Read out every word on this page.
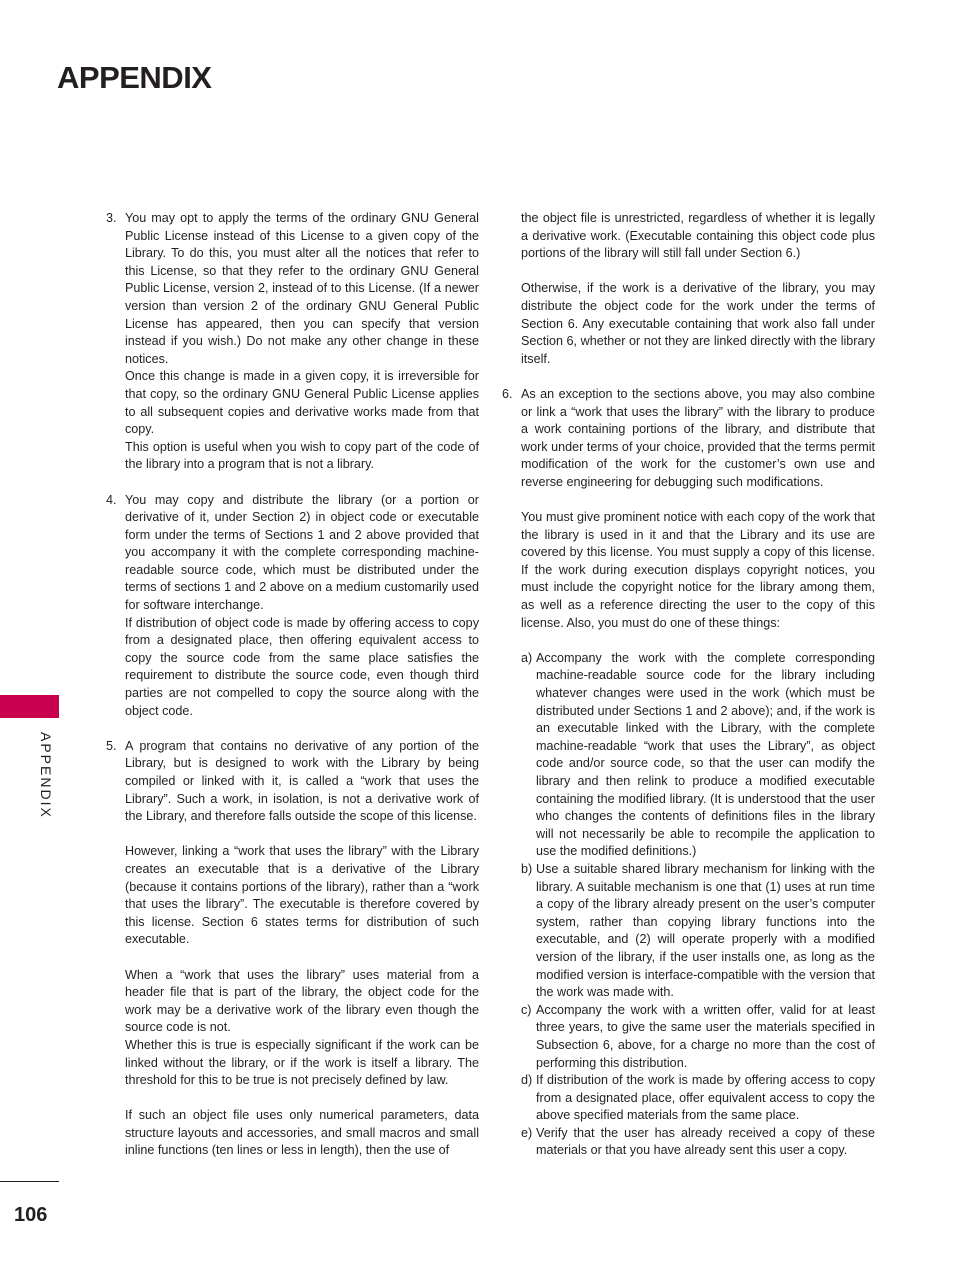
APPENDIX
APPENDIX
106
3. You may opt to apply the terms of the ordinary GNU General Public License instead of this License to a given copy of the Library. To do this, you must alter all the notices that refer to this License, so that they refer to the ordinary GNU General Public License, version 2, instead of to this License. (If a newer version than version 2 of the ordinary GNU General Public License has appeared, then you can specify that version instead if you wish.) Do not make any other change in these notices.

Once this change is made in a given copy, it is irreversible for that copy, so the ordinary GNU General Public License applies to all subsequent copies and derivative works made from that copy.

This option is useful when you wish to copy part of the code of the library into a program that is not a library.

4. You may copy and distribute the library (or a portion or derivative of it, under Section 2) in object code or executable form under the terms of Sections 1 and 2 above provided that you accompany it with the complete corresponding machine-readable source code, which must be distributed under the terms of sections 1 and 2 above on a medium customarily used for software interchange.

If distribution of object code is made by offering access to copy from a designated place, then offering equivalent access to copy the source code from the same place satisfies the requirement to distribute the source code, even though third parties are not compelled to copy the source along with the object code.

5. A program that contains no derivative of any portion of the Library, but is designed to work with the Library by being compiled or linked with it, is called a “work that uses the Library”. Such a work, in isolation, is not a derivative work of the Library, and therefore falls outside the scope of this license.

However, linking a “work that uses the library” with the Library creates an executable that is a derivative of the Library (because it contains portions of the library), rather than a “work that uses the library”. The executable is therefore covered by this license. Section 6 states terms for distribution of such executable.

When a “work that uses the library” uses material from a header file that is part of the library, the object code for the work may be a derivative work of the library even though the source code is not.

Whether this is true is especially significant if the work can be linked without the library, or if the work is itself a library. The threshold for this to be true is not precisely defined by law.

If such an object file uses only numerical parameters, data structure layouts and accessories, and small macros and small inline functions (ten lines or less in length), then the use of

the object file is unrestricted, regardless of whether it is legally a derivative work. (Executable containing this object code plus portions of the library will still fall under Section 6.)

Otherwise, if the work is a derivative of the library, you may distribute the object code for the work under the terms of Section 6. Any executable containing that work also fall under Section 6, whether or not they are linked directly with the library itself.

6. As an exception to the sections above, you may also combine or link a “work that uses the library” with the library to produce a work containing portions of the library, and distribute that work under terms of your choice, provided that the terms permit modification of the work for the customer’s own use and reverse engineering for debugging such modifications.

You must give prominent notice with each copy of the work that the library is used in it and that the Library and its use are covered by this license. You must supply a copy of this license. If the work during execution displays copyright notices, you must include the copyright notice for the library among them, as well as a reference directing the user to the copy of this license. Also, you must do one of these things:

a) Accompany the work with the complete corresponding machine-readable source code for the library including whatever changes were used in the work (which must be distributed under Sections 1 and 2 above); and, if the work is an executable linked with the Library, with the complete machine-readable “work that uses the Library”, as object code and/or source code, so that the user can modify the library and then relink to produce a modified executable containing the modified library. (It is understood that the user who changes the contents of definitions files in the library will not necessarily be able to recompile the application to use the modified definitions.)

b) Use a suitable shared library mechanism for linking with the library. A suitable mechanism is one that (1) uses at run time a copy of the library already present on the user’s computer system, rather than copying library functions into the executable, and (2) will operate properly with a modified version of the library, if the user installs one, as long as the modified version is interface-compatible with the version that the work was made with.

c) Accompany the work with a written offer, valid for at least three years, to give the same user the materials specified in Subsection 6, above, for a charge no more than the cost of performing this distribution.

d) If distribution of the work is made by offering access to copy from a designated place, offer equivalent access to copy the above specified materials from the same place.

e) Verify that the user has already received a copy of these materials or that you have already sent this user a copy.
